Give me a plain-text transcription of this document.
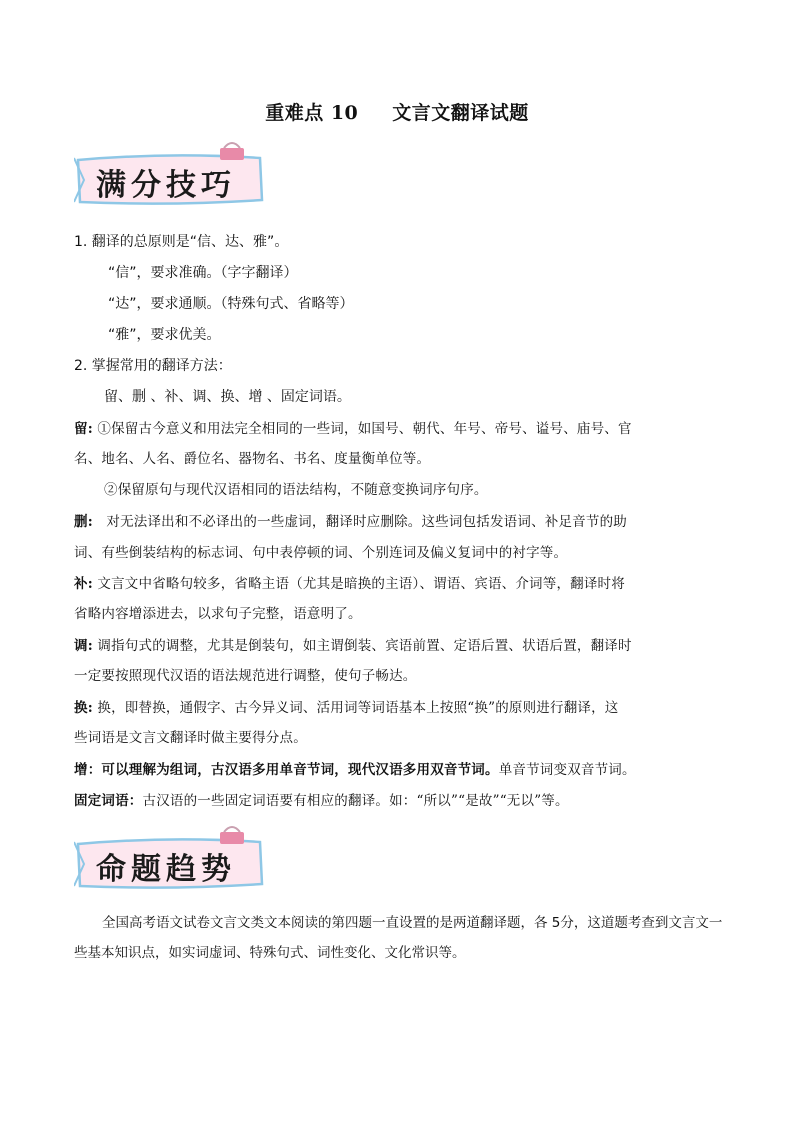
重难点 10 文言文翻译试题
满分技巧
1. 翻译的总原则是“信、达、雅”。
“信”，要求准确。（字字翻译）
“达”，要求通顺。（特殊句式、省略等）
“雅”，要求优美。
2. 掌握常用的翻译方法：
留、删 、补、调、换、增 、固定词语。
留: ①保留古今意义和用法完全相同的一些词，如国号、朝代、年号、帝号、谥号、庙号、官
名、地名、人名、爵位名、器物名、书名、度量衡单位等。
②保留原句与现代汉语相同的语法结构，不随意变换词序句序。
删: 对无法译出和不必译出的一些虚词，翻译时应删除。这些词包括发语词、补足音节的助
词、有些倒装结构的标志词、句中表停顿的词、个别连词及偏义复词中的衬字等。
补: 文言文中省略句较多，省略主语（尤其是暗换的主语）、谓语、宾语、介词等，翻译时将
省略内容增添进去，以求句子完整，语意明了。
调: 调指句式的调整，尤其是倒装句，如主谓倒装、宾语前置、定语后置、状语后置，翻译时
一定要按照现代汉语的语法规范进行调整，使句子畅达。
换: 换，即替换，通假字、古今异义词、活用词等词语基本上按照“换”的原则进行翻译，这
些词语是文言文翻译时做主要得分点。
增：可以理解为组词，古汉语多用单音节词，现代汉语多用双音节词。单音节词变双音节词。
固定词语：古汉语的一些固定词语要有相应的翻译。如：“所以”“是故”“无以”等。
命题趋势
全国高考语文试卷文言文类文本阅读的第四题一直设置的是两道翻译题，各 5分，这道题考查到文言文一些基本知识点，如实词虚词、特殊句式、词性变化、文化常识等。
